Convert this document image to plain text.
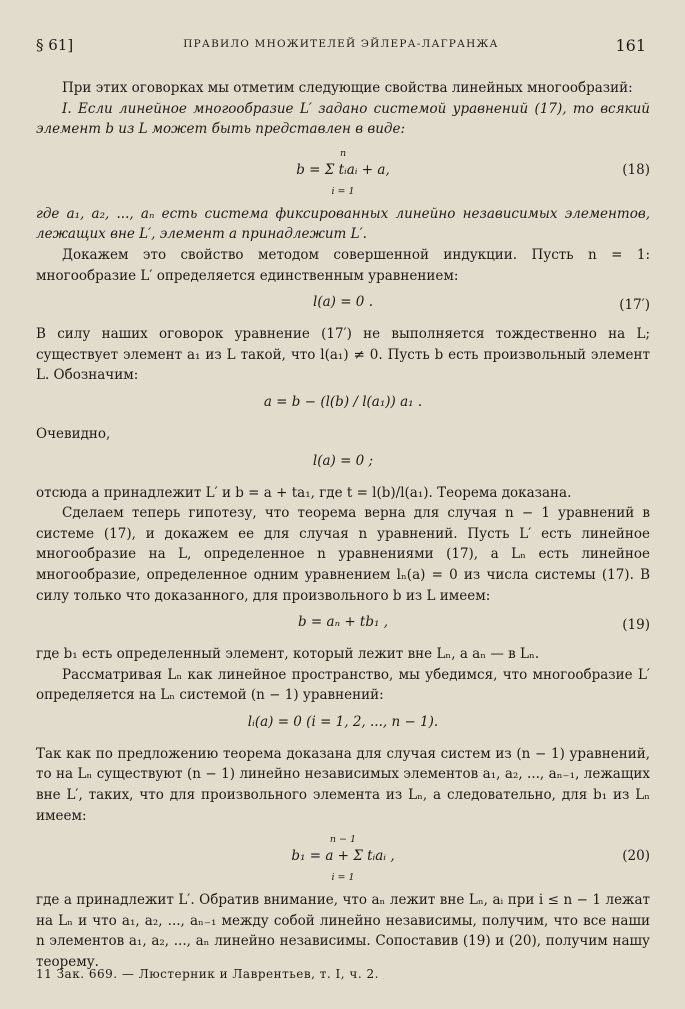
§ 61]	ПРАВИЛО МНОЖИТЕЛЕЙ ЭЙЛЕРА-ЛАГРАНЖА	161

При этих оговорках мы отметим следующие свойства линейных многообразий:

I. Если линейное многообразие L′ задано системой уравнений (17), то всякий элемент b из L может быть представлен в виде:

n
b = Σ tᵢaᵢ + a,
i = 1
(18)

где a₁, a₂, ..., aₙ есть система фиксированных линейно независимых элементов, лежащих вне L′, элемент a принадлежит L′.

Докажем это свойство методом совершенной индукции. Пусть n = 1: многообразие L′ определяется единственным уравнением:

l(a) = 0 .	(17′)

В силу наших оговорок уравнение (17′) не выполняется тождественно на L; существует элемент a₁ из L такой, что l(a₁) ≠ 0. Пусть b есть произвольный элемент L. Обозначим:

a = b − (l(b) / l(a₁)) a₁ .

Очевидно,

l(a) = 0 ;

отсюда a принадлежит L′ и b = a + ta₁, где t = l(b)/l(a₁). Теорема доказана.

Сделаем теперь гипотезу, что теорема верна для случая n − 1 уравнений в системе (17), и докажем ее для случая n уравнений. Пусть L′ есть линейное многообразие на L, определенное n уравнениями (17), а Lₙ есть линейное многообразие, определенное одним уравнением lₙ(a) = 0 из числа системы (17). В силу только что доказанного, для произвольного b из L имеем:

b = aₙ + tb₁ ,	(19)

где b₁ есть определенный элемент, который лежит вне Lₙ, а aₙ — в Lₙ.

Рассматривая Lₙ как линейное пространство, мы убедимся, что многообразие L′ определяется на Lₙ системой (n − 1) уравнений:

lᵢ(a) = 0 (i = 1, 2, ..., n − 1).

Так как по предложению теорема доказана для случая систем из (n − 1) уравнений, то на Lₙ существуют (n − 1) линейно независимых элементов a₁, a₂, ..., aₙ₋₁, лежащих вне L′, таких, что для произвольного элемента из Lₙ, а следовательно, для b₁ из Lₙ имеем:

n − 1
b₁ = a + Σ tᵢaᵢ ,
i = 1
(20)

где a принадлежит L′. Обратив внимание, что aₙ лежит вне Lₙ, aᵢ при i ≤ n − 1 лежат на Lₙ и что a₁, a₂, ..., aₙ₋₁ между собой линейно независимы, получим, что все наши n элементов a₁, a₂, ..., aₙ линейно независимы. Сопоставив (19) и (20), получим нашу теорему.

11 Зак. 669. — Люстерник и Лаврентьев, т. I, ч. 2.
